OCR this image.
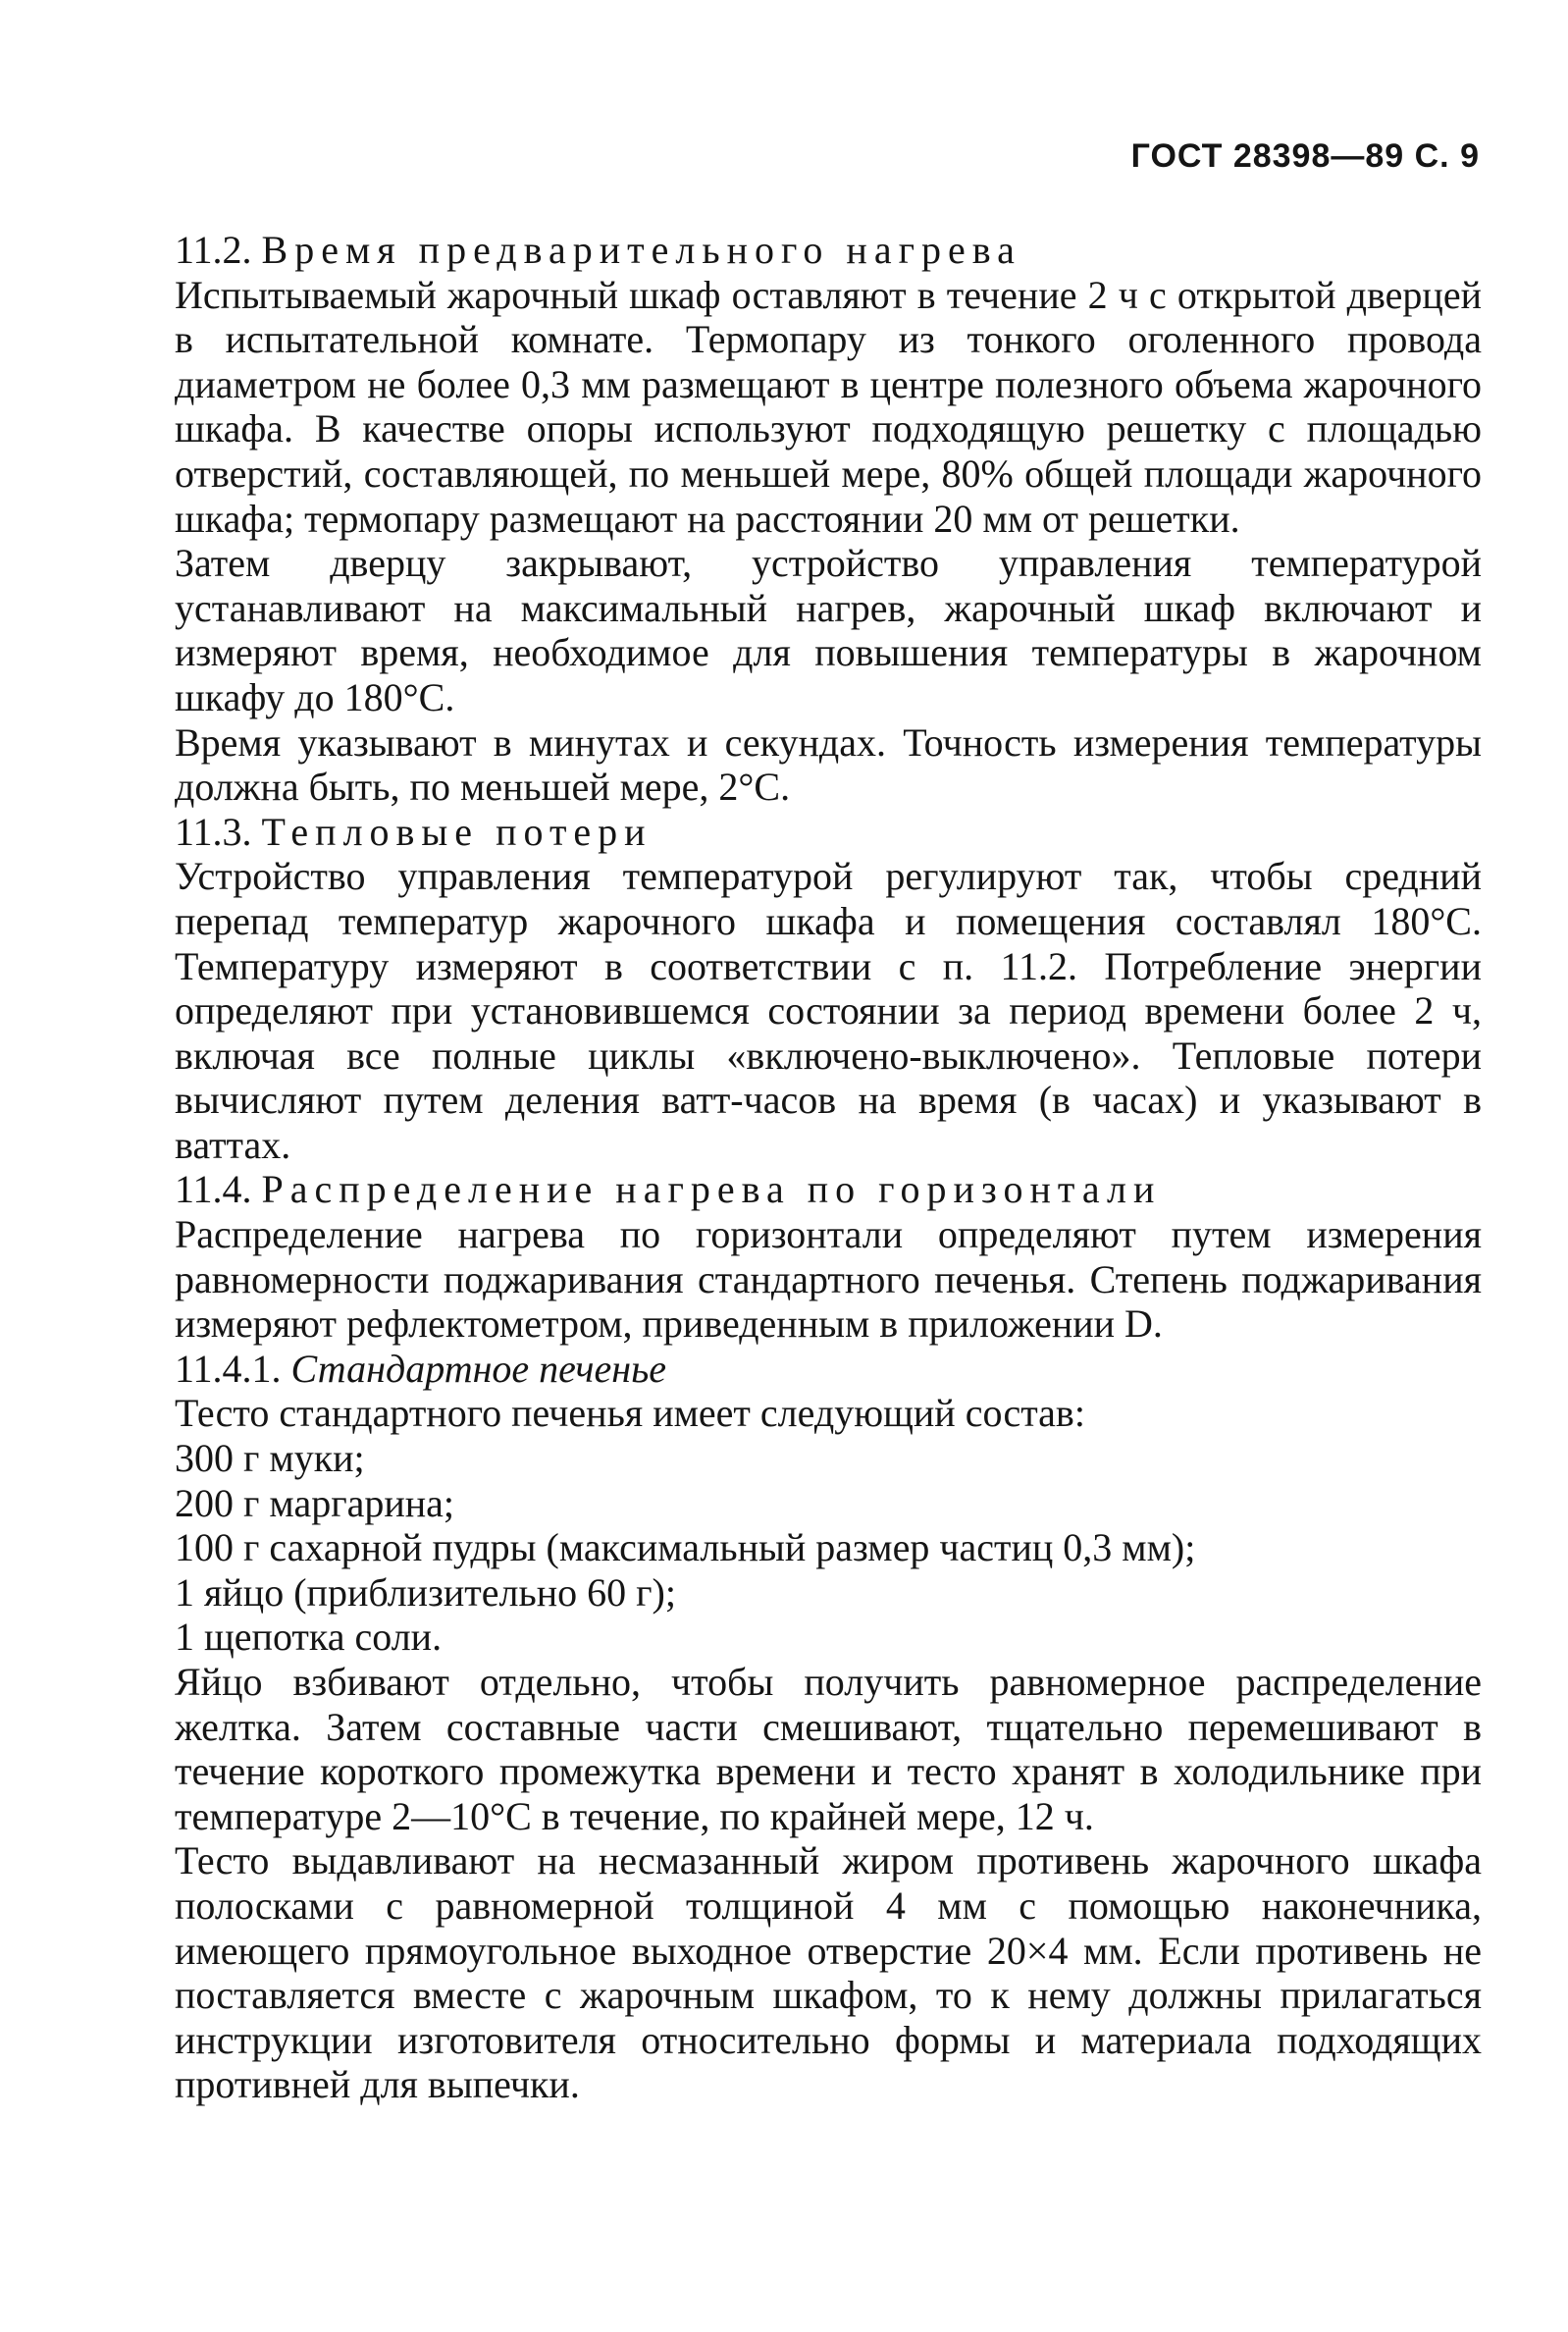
ГОСТ 28398—89 С. 9

11.2. Время предварительного нагрева

Испытываемый жарочный шкаф оставляют в течение 2 ч с открытой дверцей в испытательной комнате. Термопару из тонкого оголенного провода диаметром не более 0,3 мм размещают в центре полезного объема жарочного шкафа. В качестве опоры используют подходящую решетку с площадью отверстий, составляющей, по меньшей мере, 80% общей площади жарочного шкафа; термопару размещают на расстоянии 20 мм от решетки.

Затем дверцу закрывают, устройство управления температурой устанавливают на максимальный нагрев, жарочный шкаф включают и измеряют время, необходимое для повышения температуры в жарочном шкафу до 180°С.

Время указывают в минутах и секундах. Точность измерения температуры должна быть, по меньшей мере, 2°С.

11.3. Тепловые потери

Устройство управления температурой регулируют так, чтобы средний перепад температур жарочного шкафа и помещения составлял 180°С. Температуру измеряют в соответствии с п. 11.2. Потребление энергии определяют при установившемся состоянии за период времени более 2 ч, включая все полные циклы «включено-выключено». Тепловые потери вычисляют путем деления ватт-часов на время (в часах) и указывают в ваттах.

11.4. Распределение нагрева по горизонтали

Распределение нагрева по горизонтали определяют путем измерения равномерности поджаривания стандартного печенья. Степень поджаривания измеряют рефлектометром, приведенным в приложении D.

11.4.1. Стандартное печенье

Тесто стандартного печенья имеет следующий состав:

300 г муки;

200 г маргарина;

100 г сахарной пудры (максимальный размер частиц 0,3 мм);

1 яйцо (приблизительно 60 г);

1 щепотка соли.

Яйцо взбивают отдельно, чтобы получить равномерное распределение желтка. Затем составные части смешивают, тщательно перемешивают в течение короткого промежутка времени и тесто хранят в холодильнике при температуре 2—10°С в течение, по крайней мере, 12 ч.

Тесто выдавливают на несмазанный жиром противень жарочного шкафа полосками с равномерной толщиной 4 мм с помощью наконечника, имеющего прямоугольное выходное отверстие 20×4 мм. Если противень не поставляется вместе с жарочным шкафом, то к нему должны прилагаться инструкции изготовителя относительно формы и материала подходящих противней для выпечки.
